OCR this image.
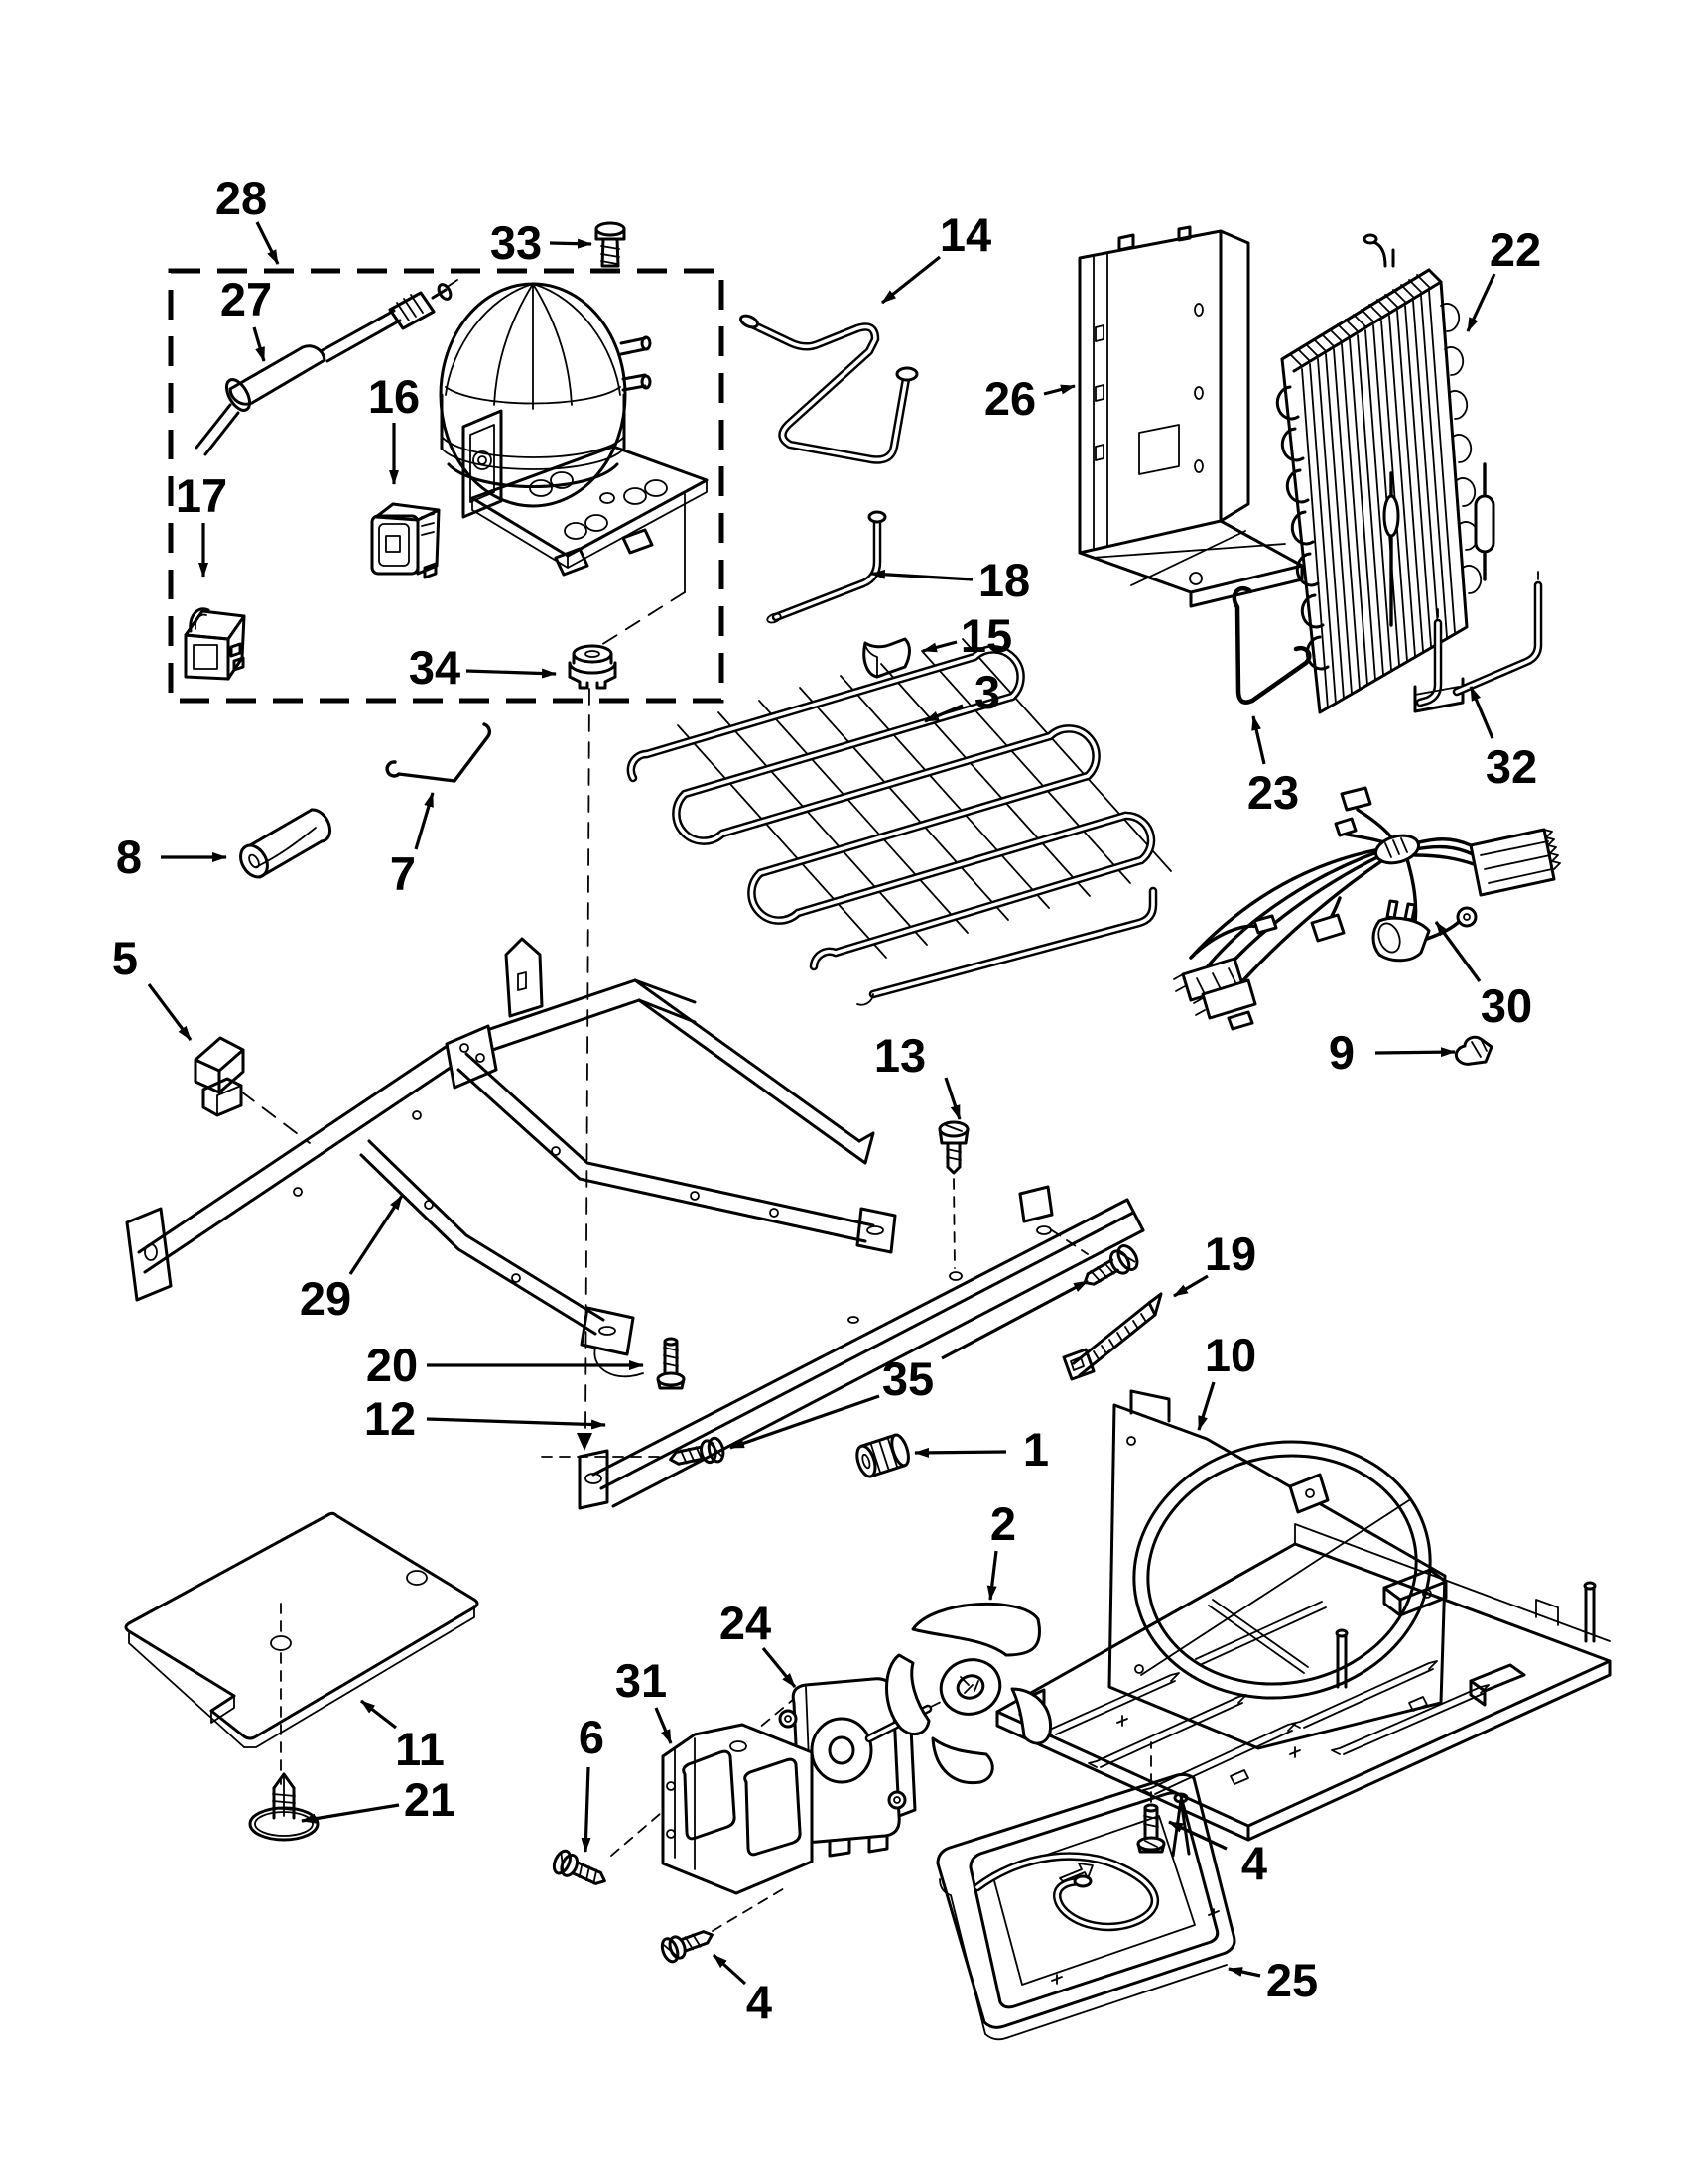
28
33
27
16
17
34
14
26
22
18
15
3
23	32
30
9
8	7
5
29
20
12
13
35
1
19
10
11
21
6
31
24
2
25
4
4
